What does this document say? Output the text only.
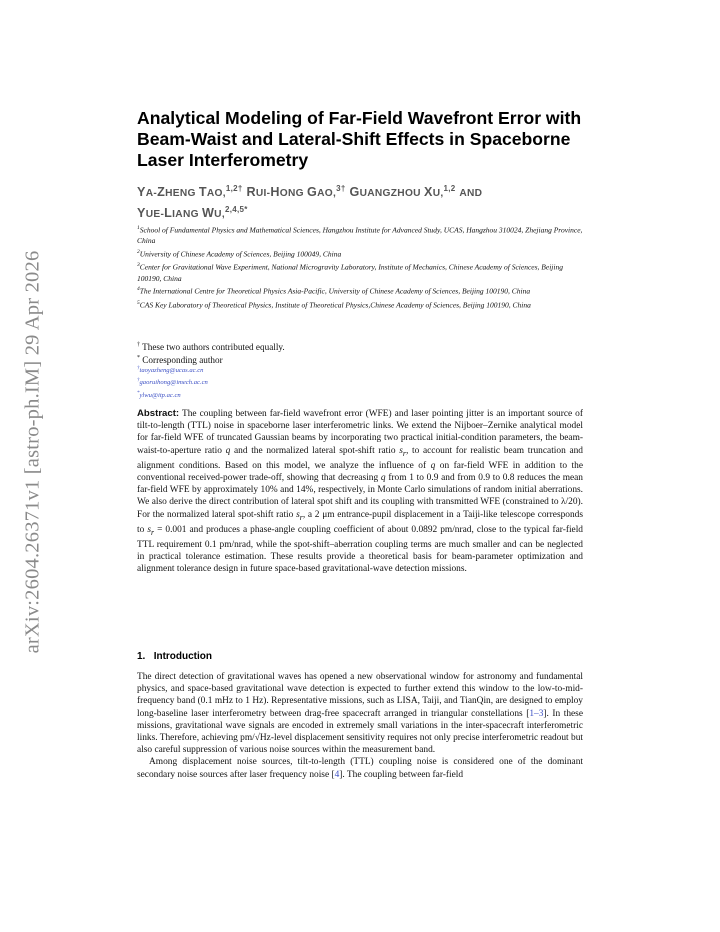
arXiv:2604.26371v1 [astro-ph.IM] 29 Apr 2026
Analytical Modeling of Far-Field Wavefront Error with Beam-Waist and Lateral-Shift Effects in Spaceborne Laser Interferometry
YA-ZHENG TAO,$^{1,2\dagger}$ RUI-HONG GAO,$^{3\dagger}$ GUANGZHOU XU,$^{1,2}$ AND
YUE-LIANG WU,$^{2,4,5*}$
$^1$School of Fundamental Physics and Mathematical Sciences, Hangzhou Institute for Advanced Study, UCAS, Hangzhou 310024, Zhejiang Province, China
$^2$University of Chinese Academy of Sciences, Beijing 100049, China
$^3$Center for Gravitational Wave Experiment, National Microgravity Laboratory, Institute of Mechanics, Chinese Academy of Sciences, Beijing 100190, China
$^4$The International Centre for Theoretical Physics Asia-Pacific, University of Chinese Academy of Sciences, Beijing 100190, China
$^5$CAS Key Laboratory of Theoretical Physics, Institute of Theoretical Physics,Chinese Academy of Sciences, Beijing 100190, China
† These two authors contributed equally.
* Corresponding author
†taoyazheng@ucas.ac.cn
†gaoruihong@imech.ac.cn
*ylwu@itp.ac.cn
Abstract: The coupling between far-field wavefront error (WFE) and laser pointing jitter is an important source of tilt-to-length (TTL) noise in spaceborne laser interferometric links. We extend the Nijboer–Zernike analytical model for far-field WFE of truncated Gaussian beams by incorporating two practical initial-condition parameters, the beam-waist-to-aperture ratio q and the normalized lateral spot-shift ratio $s_r$, to account for realistic beam truncation and alignment conditions. Based on this model, we analyze the influence of q on far-field WFE in addition to the conventional received-power trade-off, showing that decreasing q from 1 to 0.9 and from 0.9 to 0.8 reduces the mean far-field WFE by approximately 10% and 14%, respectively, in Monte Carlo simulations of random initial aberrations. We also derive the direct contribution of lateral spot shift and its coupling with transmitted WFE (constrained to λ/20). For the normalized lateral spot-shift ratio $s_r$, a 2 μm entrance-pupil displacement in a Taiji-like telescope corresponds to $s_r = 0.001$ and produces a phase-angle coupling coefficient of about 0.0892 pm/nrad, close to the typical far-field TTL requirement 0.1 pm/nrad, while the spot-shift–aberration coupling terms are much smaller and can be neglected in practical tolerance estimation. These results provide a theoretical basis for beam-parameter optimization and alignment tolerance design in future space-based gravitational-wave detection missions.
1. Introduction

The direct detection of gravitational waves has opened a new observational window for astronomy and fundamental physics, and space-based gravitational wave detection is expected to further extend this window to the low-to-mid-frequency band (0.1 mHz to 1 Hz). Representative missions, such as LISA, Taiji, and TianQin, are designed to employ long-baseline laser interferometry between drag-free spacecraft arranged in triangular constellations [1–3]. In these missions, gravitational wave signals are encoded in extremely small variations in the inter-spacecraft interferometric links. Therefore, achieving pm/√Hz-level displacement sensitivity requires not only precise interferometric readout but also careful suppression of various noise sources within the measurement band.

Among displacement noise sources, tilt-to-length (TTL) coupling noise is considered one of the dominant secondary noise sources after laser frequency noise [4]. The coupling between far-field
